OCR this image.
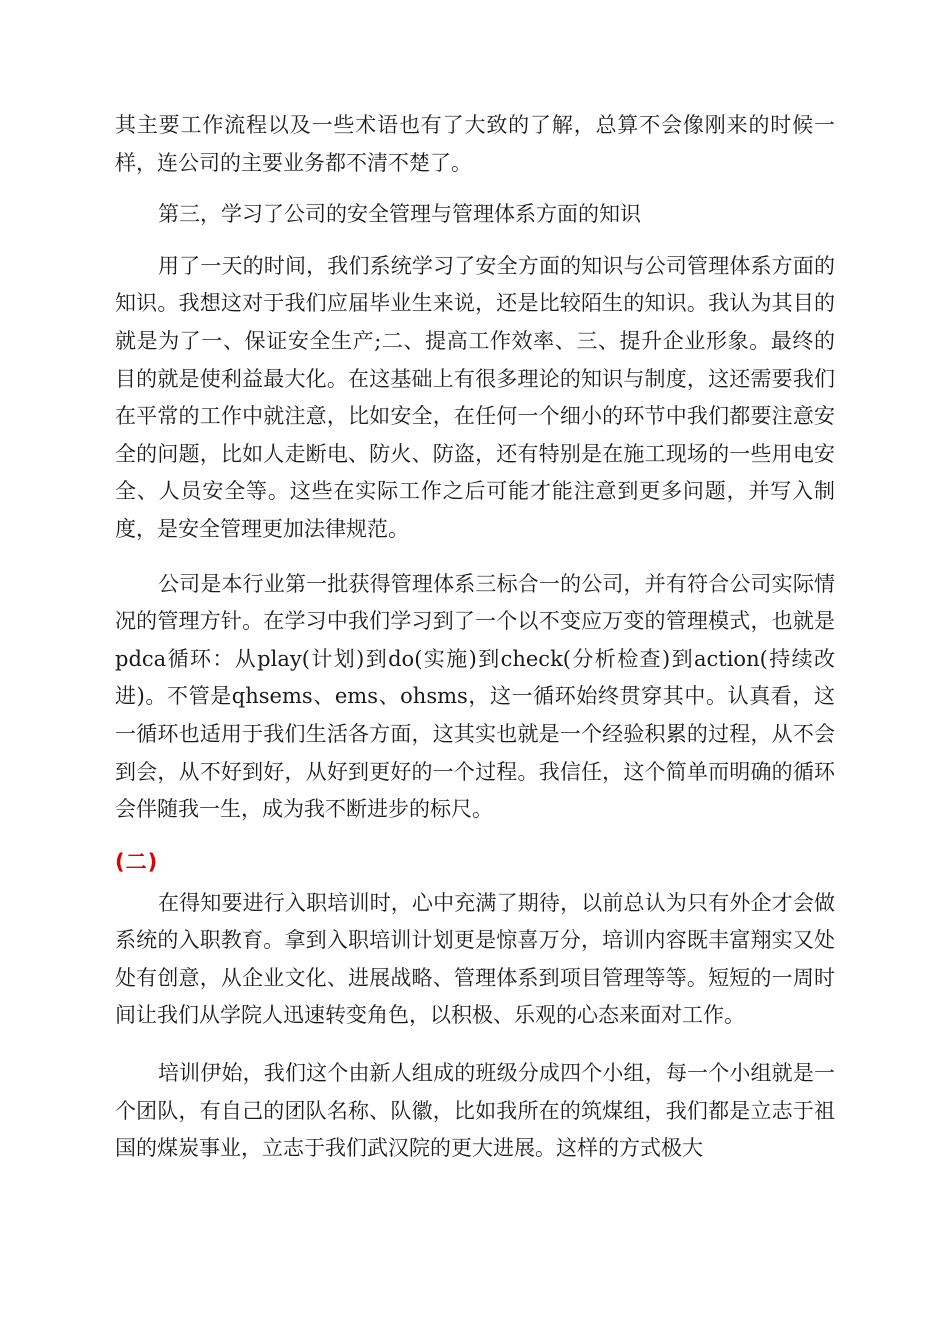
其主要工作流程以及一些术语也有了大致的了解，总算不会像刚来的时候一样，连公司的主要业务都不清不楚了。

第三，学习了公司的安全管理与管理体系方面的知识

用了一天的时间，我们系统学习了安全方面的知识与公司管理体系方面的知识。我想这对于我们应届毕业生来说，还是比较陌生的知识。我认为其目的就是为了一、保证安全生产;二、提高工作效率、三、提升企业形象。最终的目的就是使利益最大化。在这基础上有很多理论的知识与制度，这还需要我们在平常的工作中就注意，比如安全，在任何一个细小的环节中我们都要注意安全的问题，比如人走断电、防火、防盗，还有特别是在施工现场的一些用电安全、人员安全等。这些在实际工作之后可能才能注意到更多问题，并写入制度，是安全管理更加法律规范。

公司是本行业第一批获得管理体系三标合一的公司，并有符合公司实际情况的管理方针。在学习中我们学习到了一个以不变应万变的管理模式，也就是pdca循环：从play(计划)到do(实施)到check(分析检查)到action(持续改进)。不管是qhsems、ems、ohsms，这一循环始终贯穿其中。认真看，这一循环也适用于我们生活各方面，这其实也就是一个经验积累的过程，从不会到会，从不好到好，从好到更好的一个过程。我信任，这个简单而明确的循环会伴随我一生，成为我不断进步的标尺。

(二)

在得知要进行入职培训时，心中充满了期待，以前总认为只有外企才会做系统的入职教育。拿到入职培训计划更是惊喜万分，培训内容既丰富翔实又处处有创意，从企业文化、进展战略、管理体系到项目管理等等。短短的一周时间让我们从学院人迅速转变角色，以积极、乐观的心态来面对工作。

培训伊始，我们这个由新人组成的班级分成四个小组，每一个小组就是一个团队，有自己的团队名称、队徽，比如我所在的筑煤组，我们都是立志于祖国的煤炭事业，立志于我们武汉院的更大进展。这样的方式极大
